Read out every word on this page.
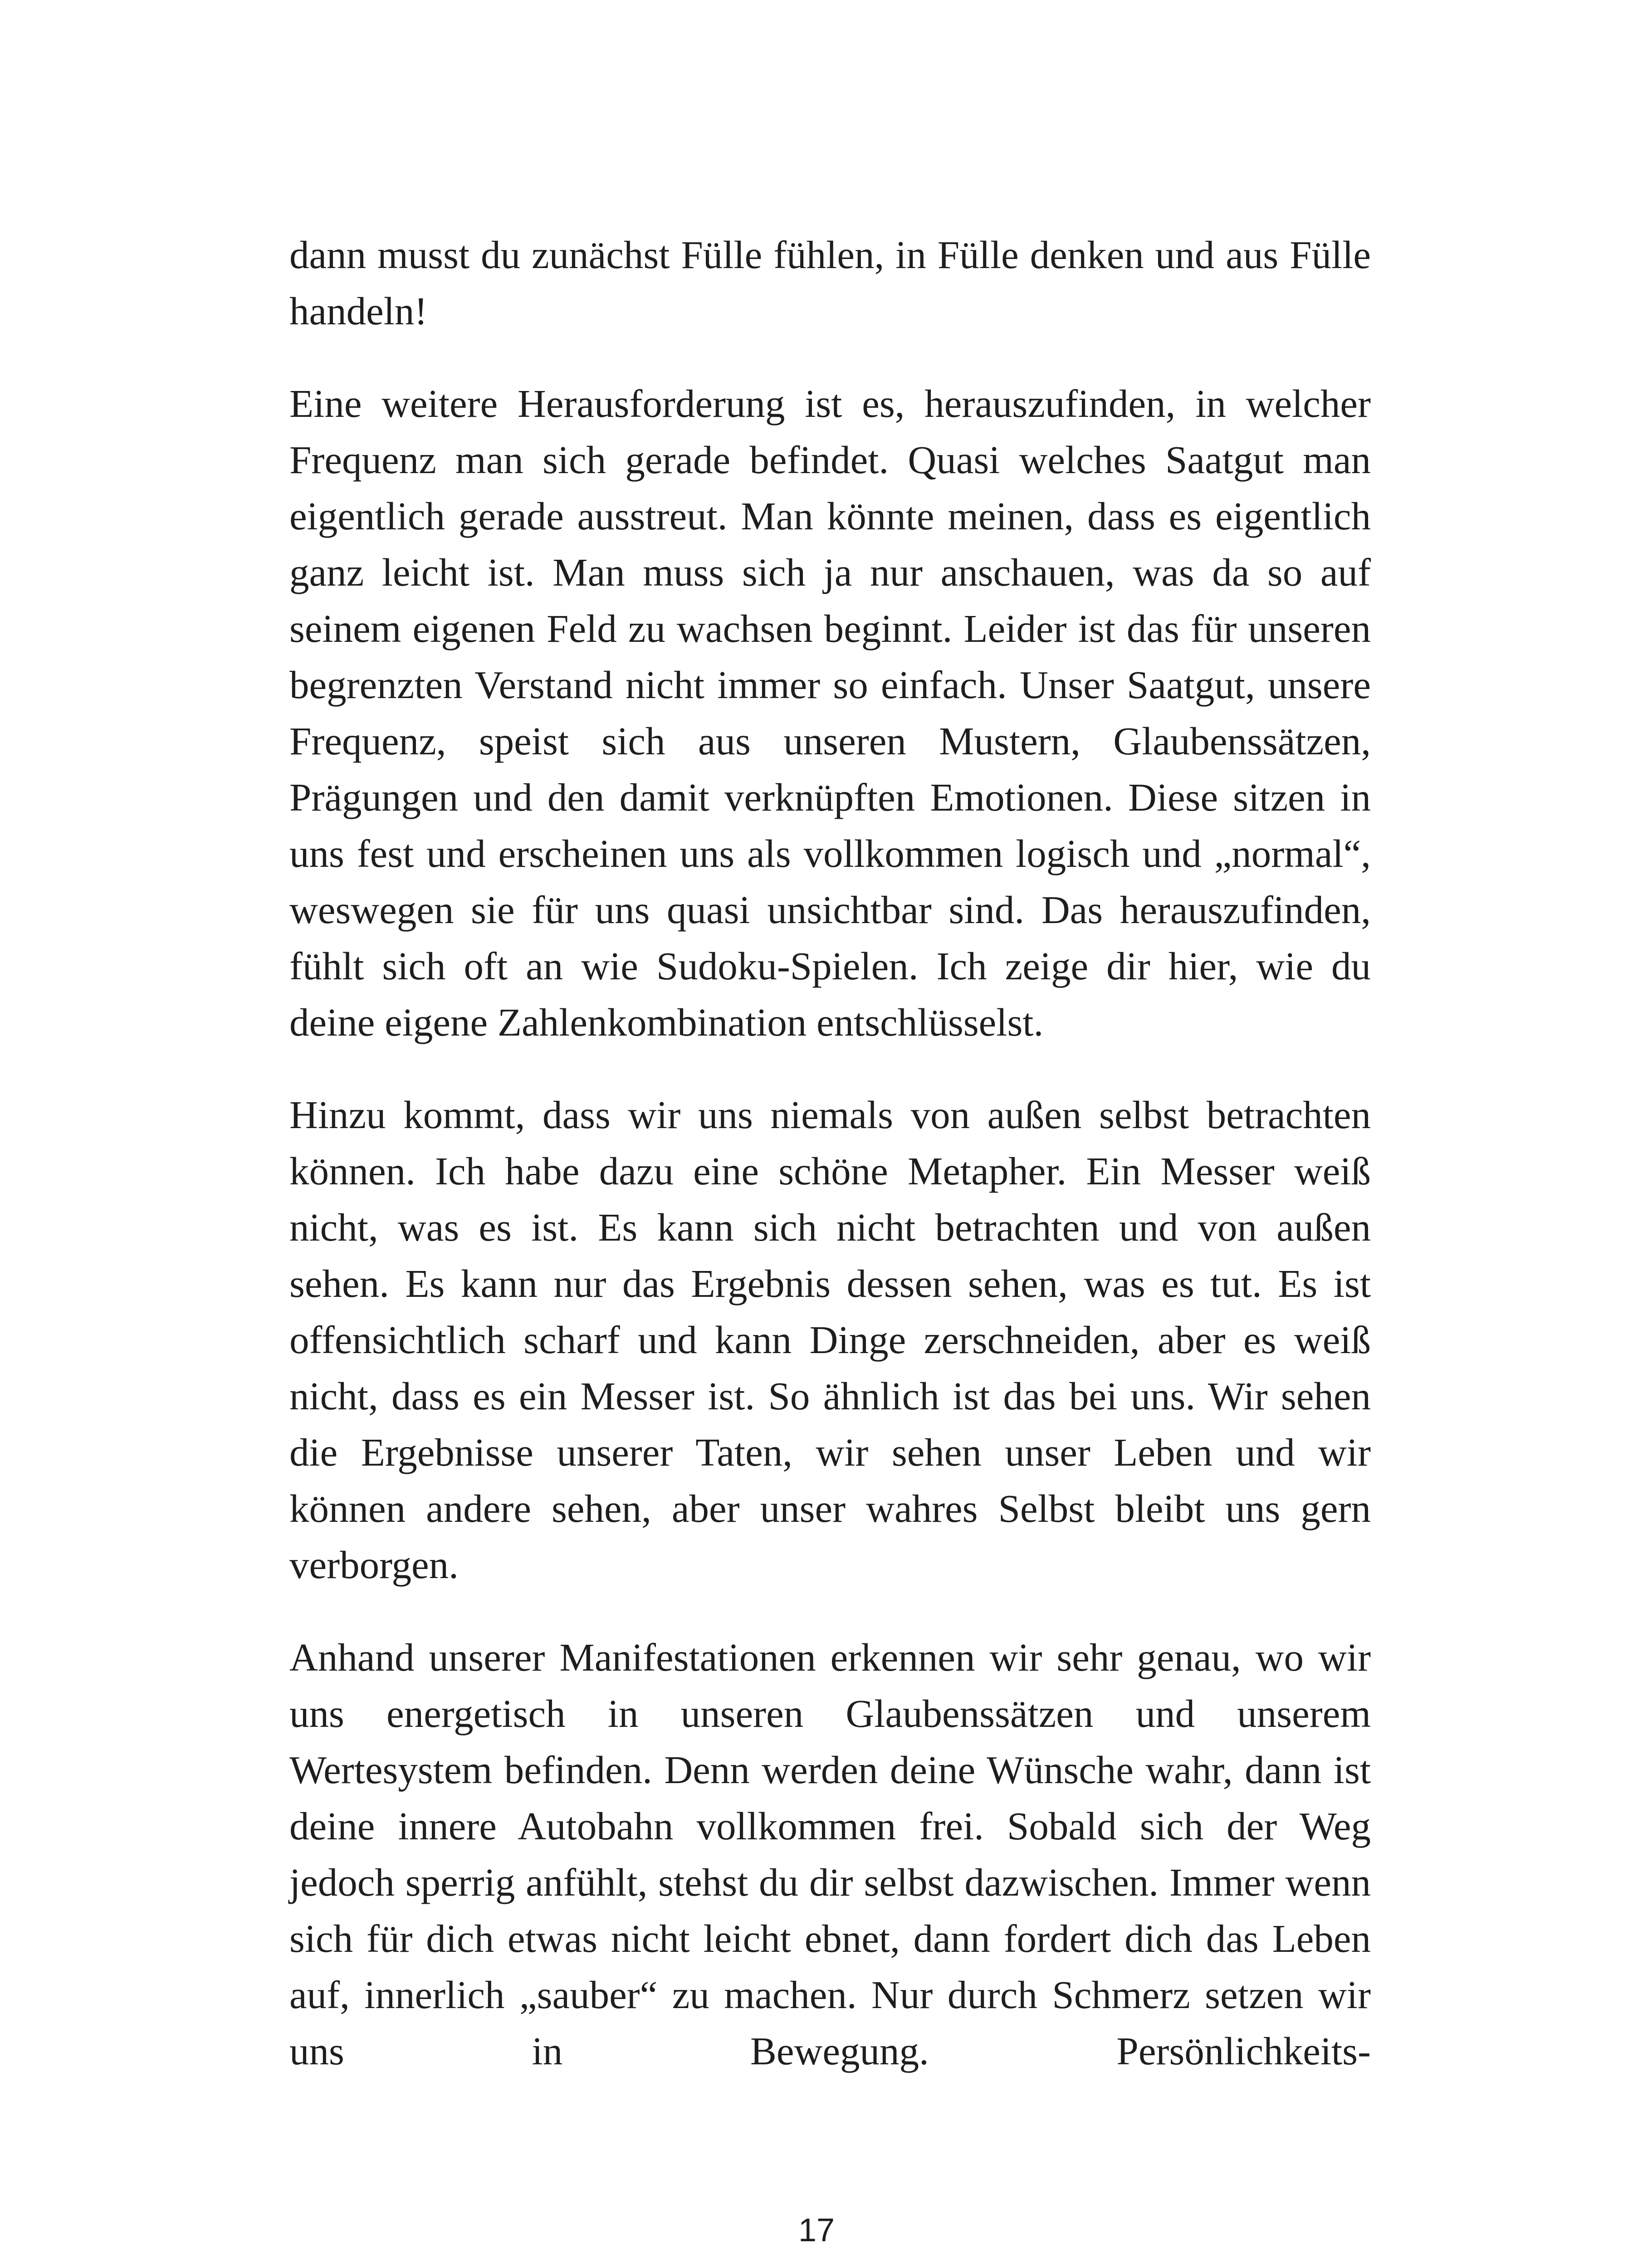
dann musst du zunächst Fülle fühlen, in Fülle denken und aus Fülle handeln!

Eine weitere Herausforderung ist es, herauszufinden, in welcher Frequenz man sich gerade befindet. Quasi welches Saatgut man eigentlich gerade ausstreut. Man könnte meinen, dass es eigentlich ganz leicht ist. Man muss sich ja nur anschauen, was da so auf seinem eigenen Feld zu wachsen beginnt. Leider ist das für unseren begrenzten Verstand nicht immer so einfach. Unser Saatgut, unsere Frequenz, speist sich aus unseren Mustern, Glaubenssätzen, Prägungen und den damit verknüpften Emotionen. Diese sitzen in uns fest und erscheinen uns als vollkommen logisch und „normal“, weswegen sie für uns quasi unsichtbar sind. Das herauszufinden, fühlt sich oft an wie Sudoku-Spielen. Ich zeige dir hier, wie du deine eigene Zahlenkombination entschlüsselst.

Hinzu kommt, dass wir uns niemals von außen selbst betrachten können. Ich habe dazu eine schöne Metapher. Ein Messer weiß nicht, was es ist. Es kann sich nicht betrachten und von außen sehen. Es kann nur das Ergebnis dessen sehen, was es tut. Es ist offensichtlich scharf und kann Dinge zerschneiden, aber es weiß nicht, dass es ein Messer ist. So ähnlich ist das bei uns. Wir sehen die Ergebnisse unserer Taten, wir sehen unser Leben und wir können andere sehen, aber unser wahres Selbst bleibt uns gern verborgen.

Anhand unserer Manifestationen erkennen wir sehr genau, wo wir uns energetisch in unseren Glaubenssätzen und unserem Wertesystem befinden. Denn werden deine Wünsche wahr, dann ist deine innere Autobahn vollkommen frei. Sobald sich der Weg jedoch sperrig anfühlt, stehst du dir selbst dazwischen. Immer wenn sich für dich etwas nicht leicht ebnet, dann fordert dich das Leben auf, innerlich „sauber“ zu machen. Nur durch Schmerz setzen wir uns in Bewegung. Persönlichkeits-

17
